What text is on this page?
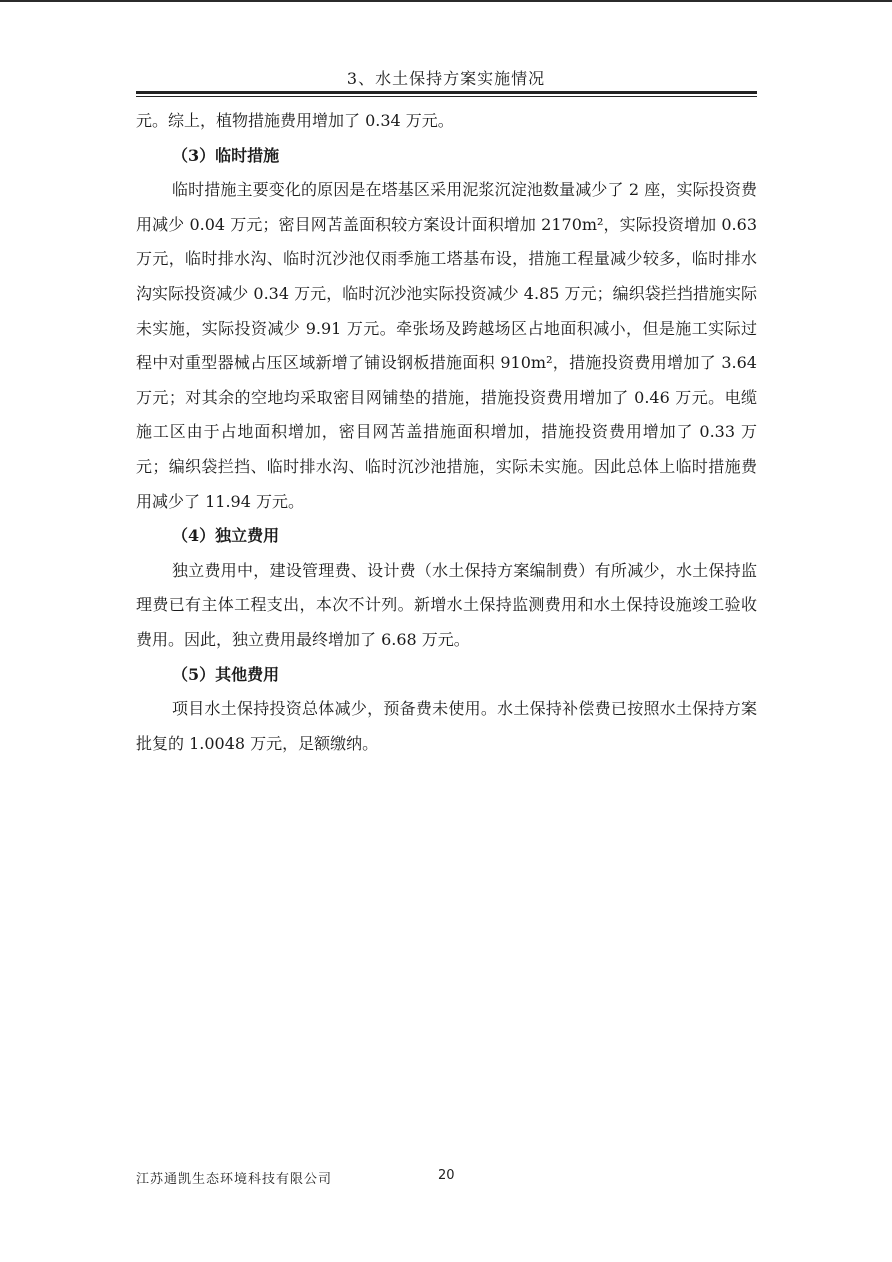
3、水土保持方案实施情况

元。综上，植物措施费用增加了 0.34 万元。

（3）临时措施

临时措施主要变化的原因是在塔基区采用泥浆沉淀池数量减少了 2 座，实际投资费用减少 0.04 万元；密目网苫盖面积较方案设计面积增加 2170m²，实际投资增加 0.63 万元，临时排水沟、临时沉沙池仅雨季施工塔基布设，措施工程量减少较多，临时排水沟实际投资减少 0.34 万元，临时沉沙池实际投资减少 4.85 万元；编织袋拦挡措施实际未实施，实际投资减少 9.91 万元。牵张场及跨越场区占地面积减小，但是施工实际过程中对重型器械占压区域新增了铺设钢板措施面积 910m²，措施投资费用增加了 3.64 万元；对其余的空地均采取密目网铺垫的措施，措施投资费用增加了 0.46 万元。电缆施工区由于占地面积增加，密目网苫盖措施面积增加，措施投资费用增加了 0.33 万元；编织袋拦挡、临时排水沟、临时沉沙池措施，实际未实施。因此总体上临时措施费用减少了 11.94 万元。

（4）独立费用

独立费用中，建设管理费、设计费（水土保持方案编制费）有所减少，水土保持监理费已有主体工程支出，本次不计列。新增水土保持监测费用和水土保持设施竣工验收费用。因此，独立费用最终增加了 6.68 万元。

（5）其他费用

项目水土保持投资总体减少，预备费未使用。水土保持补偿费已按照水土保持方案批复的 1.0048 万元，足额缴纳。

江苏通凯生态环境科技有限公司	20
